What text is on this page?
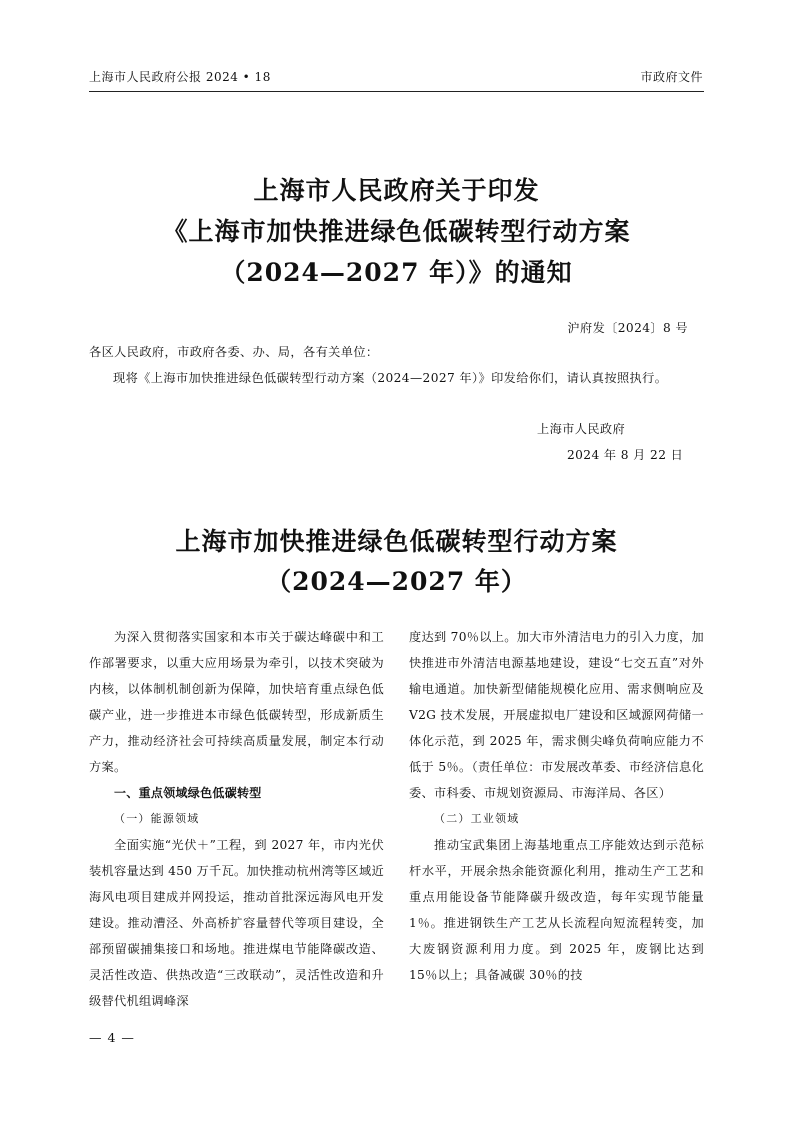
上海市人民政府公报 2024 • 18	市政府文件
上海市人民政府关于印发
《上海市加快推进绿色低碳转型行动方案
（2024—2027 年）》的通知
沪府发〔2024〕8 号
各区人民政府，市政府各委、办、局，各有关单位：

现将《上海市加快推进绿色低碳转型行动方案（2024—2027 年）》印发给你们，请认真按照执行。

上海市人民政府
2024 年 8 月 22 日
上海市加快推进绿色低碳转型行动方案
（2024—2027 年）

为深入贯彻落实国家和本市关于碳达峰碳中和工作部署要求，以重大应用场景为牵引，以技术突破为内核，以体制机制创新为保障，加快培育重点绿色低碳产业，进一步推进本市绿色低碳转型，形成新质生产力，推动经济社会可持续高质量发展，制定本行动方案。

一、重点领域绿色低碳转型

（一）能源领域

全面实施“光伏＋”工程，到 2027 年，市内光伏装机容量达到 450 万千瓦。加快推动杭州湾等区域近海风电项目建成并网投运，推动首批深远海风电开发建设。推动漕泾、外高桥扩容量替代等项目建设，全部预留碳捕集接口和场地。推进煤电节能降碳改造、灵活性改造、供热改造“三改联动”，灵活性改造和升级替代机组调峰深

度达到 70％以上。加大市外清洁电力的引入力度，加快推进市外清洁电源基地建设，建设“七交五直”对外输电通道。加快新型储能规模化应用、需求侧响应及 V2G 技术发展，开展虚拟电厂建设和区域源网荷储一体化示范，到 2025 年，需求侧尖峰负荷响应能力不低于 5％。（责任单位：市发展改革委、市经济信息化委、市科委、市规划资源局、市海洋局、各区）

（二）工业领域

推动宝武集团上海基地重点工序能效达到示范标杆水平，开展余热余能资源化利用，推动生产工艺和重点用能设备节能降碳升级改造，每年实现节能量 1％。推进钢铁生产工艺从长流程向短流程转变，加大废钢资源利用力度。到 2025 年，废钢比达到 15％以上；具备减碳 30％的技

— 4 —
